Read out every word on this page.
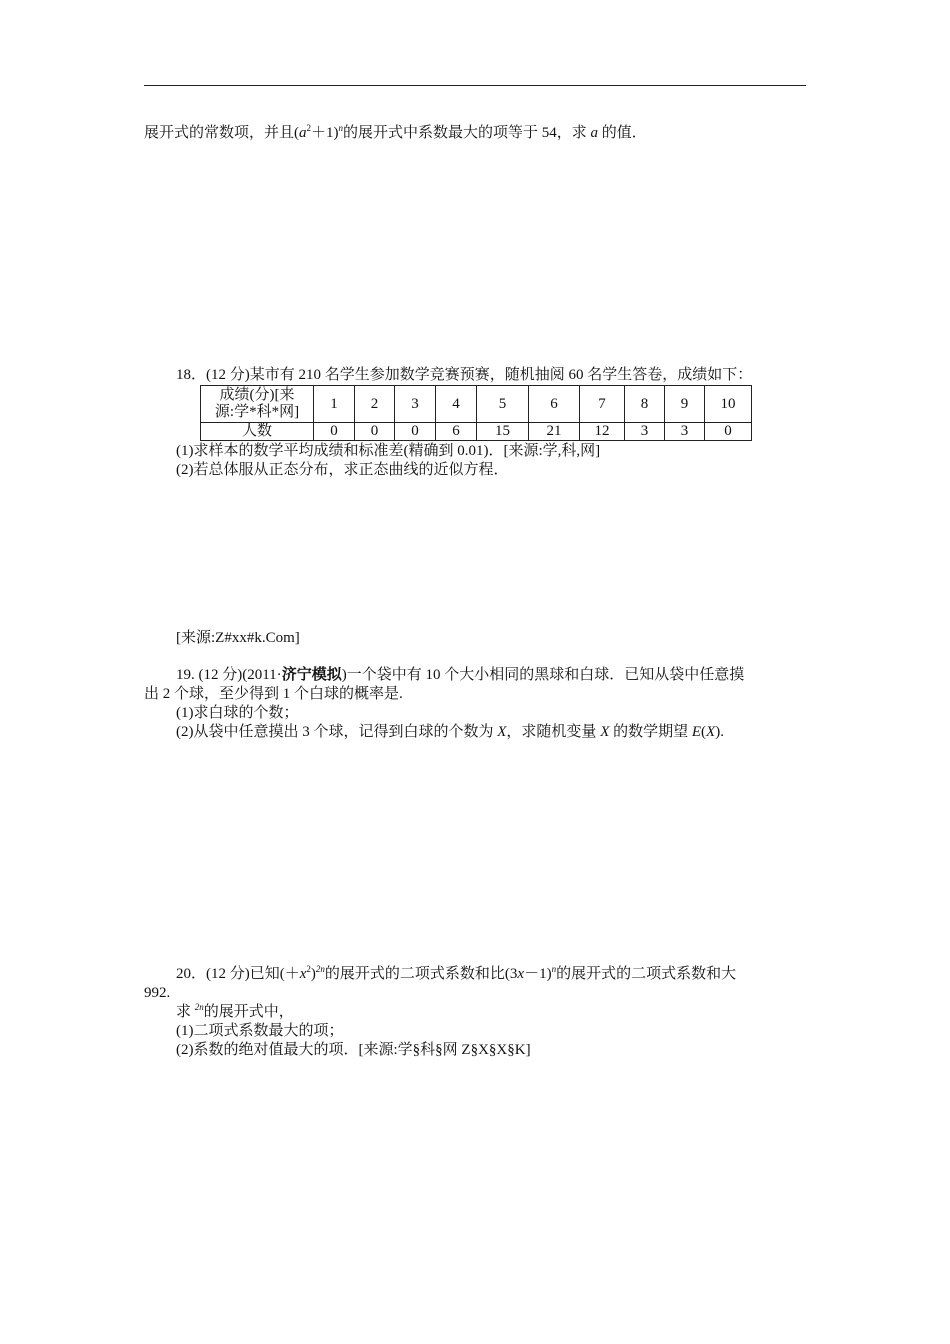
展开式的常数项，并且$(a^2+1)^n$的展开式中系数最大的项等于 54，求 a 的值．
18．(12 分)某市有 210 名学生参加数学竞赛预赛，随机抽阅 60 名学生答卷，成绩如下：
成绩(分)[来
源:学*科*网]	1	2	3	4	5	6	7	8	9	10
人数	0	0	0	6	15	21	12	3	3	0
(1)求样本的数学平均成绩和标准差(精确到 0.01)．[来源:学,科,网]
(2)若总体服从正态分布，求正态曲线的近似方程．
[来源:Z#xx#k.Com]
19. (12 分)(2011·济宁模拟)一个袋中有 10 个大小相同的黑球和白球．已知从袋中任意摸
出 2 个球，至少得到 1 个白球的概率是.
(1)求白球的个数；
(2)从袋中任意摸出 3 个球，记得到白球的个数为 X，求随机变量 X 的数学期望 E(X).
20．(12 分)已知$(+x^2)^{2n}$的展开式的二项式系数和比$(3x-1)^n$的展开式的二项式系数和大
992.
求 $^{2n}$的展开式中，
(1)二项式系数最大的项；
(2)系数的绝对值最大的项．[来源:学§科§网 Z§X§X§K]
